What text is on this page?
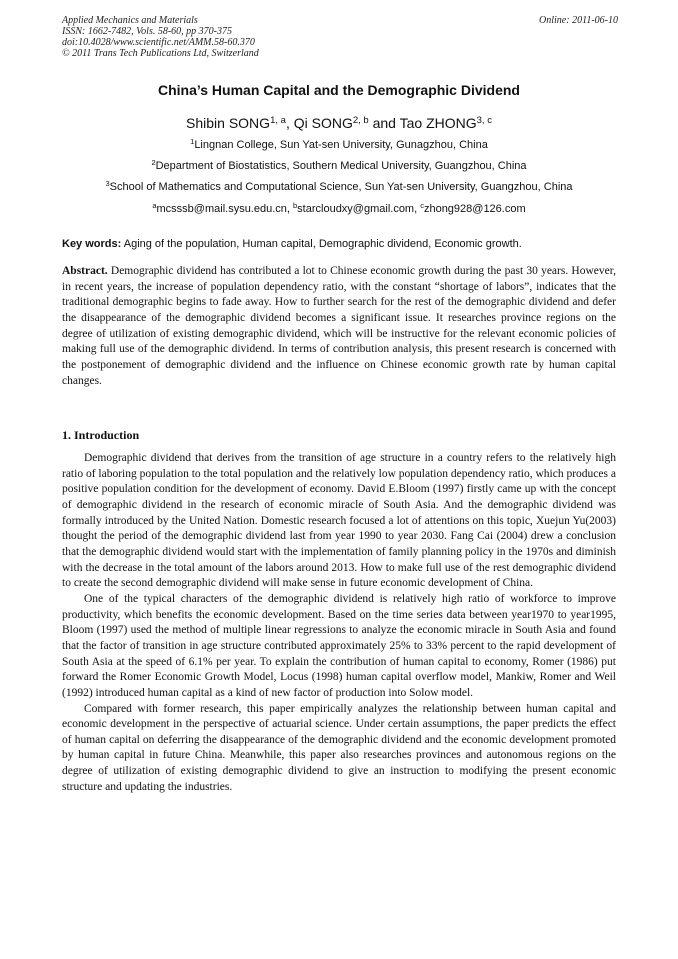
Applied Mechanics and Materials
ISSN: 1662-7482, Vols. 58-60, pp 370-375
doi:10.4028/www.scientific.net/AMM.58-60.370
© 2011 Trans Tech Publications Ltd, Switzerland
Online: 2011-06-10
China’s Human Capital and the Demographic Dividend
Shibin SONG$^{1, a}$, Qi SONG$^{2, b}$ and Tao ZHONG$^{3, c}$
$^1$Lingnan College, Sun Yat-sen University, Gunagzhou, China
$^2$Department of Biostatistics, Southern Medical University, Guangzhou, China
$^3$School of Mathematics and Computational Science, Sun Yat-sen University, Guangzhou, China
$^a$mcsssb@mail.sysu.edu.cn, $^b$starcloudxy@gmail.com, $^c$zhong928@126.com
Key words: Aging of the population, Human capital, Demographic dividend, Economic growth.
Abstract. Demographic dividend has contributed a lot to Chinese economic growth during the past 30 years. However, in recent years, the increase of population dependency ratio, with the constant “shortage of labors”, indicates that the traditional demographic begins to fade away. How to further search for the rest of the demographic dividend and defer the disappearance of the demographic dividend becomes a significant issue. It researches province regions on the degree of utilization of existing demographic dividend, which will be instructive for the relevant economic policies of making full use of the demographic dividend. In terms of contribution analysis, this present research is concerned with the postponement of demographic dividend and the influence on Chinese economic growth rate by human capital changes.
1. Introduction

Demographic dividend that derives from the transition of age structure in a country refers to the relatively high ratio of laboring population to the total population and the relatively low population dependency ratio, which produces a positive population condition for the development of economy. David E.Bloom (1997) firstly came up with the concept of demographic dividend in the research of economic miracle of South Asia. And the demographic dividend was formally introduced by the United Nation. Domestic research focused a lot of attentions on this topic, Xuejun Yu(2003) thought the period of the demographic dividend last from year 1990 to year 2030. Fang Cai (2004) drew a conclusion that the demographic dividend would start with the implementation of family planning policy in the 1970s and diminish with the decrease in the total amount of the labors around 2013. How to make full use of the rest demographic dividend to create the second demographic dividend will make sense in future economic development of China.

One of the typical characters of the demographic dividend is relatively high ratio of workforce to improve productivity, which benefits the economic development. Based on the time series data between year1970 to year1995, Bloom (1997) used the method of multiple linear regressions to analyze the economic miracle in South Asia and found that the factor of transition in age structure contributed approximately 25% to 33% percent to the rapid development of South Asia at the speed of 6.1% per year. To explain the contribution of human capital to economy, Romer (1986) put forward the Romer Economic Growth Model, Locus (1998) human capital overflow model, Mankiw, Romer and Weil (1992) introduced human capital as a kind of new factor of production into Solow model.

Compared with former research, this paper empirically analyzes the relationship between human capital and economic development in the perspective of actuarial science. Under certain assumptions, the paper predicts the effect of human capital on deferring the disappearance of the demographic dividend and the economic development promoted by human capital in future China. Meanwhile, this paper also researches provinces and autonomous regions on the degree of utilization of existing demographic dividend to give an instruction to modifying the present economic structure and updating the industries.
